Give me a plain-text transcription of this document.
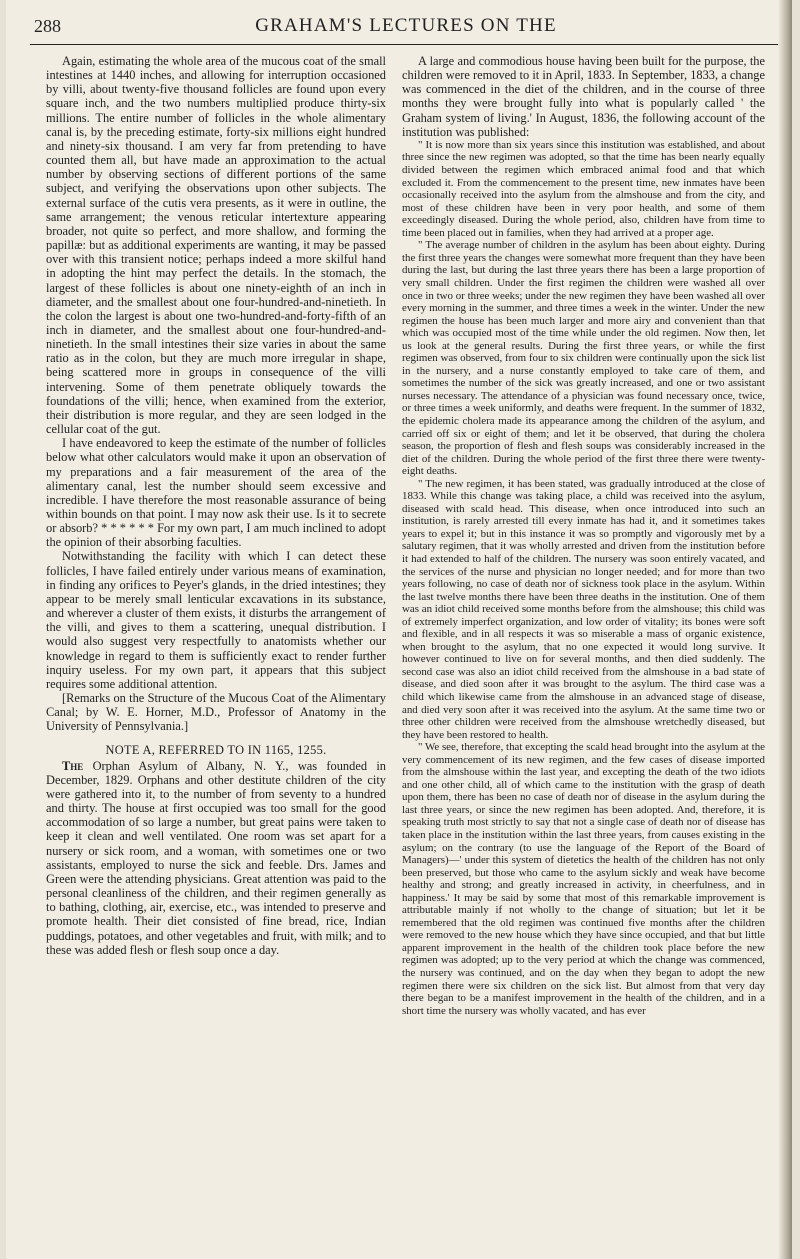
288	GRAHAM'S LECTURES ON THE

Again, estimating the whole area of the mucous coat of the small intestines at 1440 inches, and allowing for interruption occasioned by villi, about twenty-five thousand follicles are found upon every square inch, and the two numbers multiplied produce thirty-six millions. The entire number of follicles in the whole alimentary canal is, by the preceding estimate, forty-six millions eight hundred and ninety-six thousand. I am very far from pretending to have counted them all, but have made an approximation to the actual number by observing sections of different portions of the same subject, and verifying the observations upon other subjects. The external surface of the cutis vera presents, as it were in outline, the same arrangement; the venous reticular intertexture appearing broader, not quite so perfect, and more shallow, and forming the papillæ: but as additional experiments are wanting, it may be passed over with this transient notice; perhaps indeed a more skilful hand in adopting the hint may perfect the details. In the stomach, the largest of these follicles is about one ninety-eighth of an inch in diameter, and the smallest about one four-hundred-and-ninetieth. In the colon the largest is about one two-hundred-and-forty-fifth of an inch in diameter, and the smallest about one four-hundred-and-ninetieth. In the small intestines their size varies in about the same ratio as in the colon, but they are much more irregular in shape, being scattered more in groups in consequence of the villi intervening. Some of them penetrate obliquely towards the foundations of the villi; hence, when examined from the exterior, their distribution is more regular, and they are seen lodged in the cellular coat of the gut.

I have endeavored to keep the estimate of the number of follicles below what other calculators would make it upon an observation of my preparations and a fair measurement of the area of the alimentary canal, lest the number should seem excessive and incredible. I have therefore the most reasonable assurance of being within bounds on that point. I may now ask their use. Is it to secrete or absorb? * * * * * * For my own part, I am much inclined to adopt the opinion of their absorbing faculties.

Notwithstanding the facility with which I can detect these follicles, I have failed entirely under various means of examination, in finding any orifices to Peyer's glands, in the dried intestines; they appear to be merely small lenticular excavations in its substance, and wherever a cluster of them exists, it disturbs the arrangement of the villi, and gives to them a scattering, unequal distribution. I would also suggest very respectfully to anatomists whether our knowledge in regard to them is sufficiently exact to render further inquiry useless. For my own part, it appears that this subject requires some additional attention.

[Remarks on the Structure of the Mucous Coat of the Alimentary Canal; by W. E. Horner, M.D., Professor of Anatomy in the University of Pennsylvania.]

NOTE A, REFERRED TO IN 1165, 1255.

The Orphan Asylum of Albany, N. Y., was founded in December, 1829. Orphans and other destitute children of the city were gathered into it, to the number of from seventy to a hundred and thirty. The house at first occupied was too small for the good accommodation of so large a number, but great pains were taken to keep it clean and well ventilated. One room was set apart for a nursery or sick room, and a woman, with sometimes one or two assistants, employed to nurse the sick and feeble. Drs. James and Green were the attending physicians. Great attention was paid to the personal cleanliness of the children, and their regimen generally as to bathing, clothing, air, exercise, etc., was intended to preserve and promote health. Their diet consisted of fine bread, rice, Indian puddings, potatoes, and other vegetables and fruit, with milk; and to these was added flesh or flesh soup once a day.

A large and commodious house having been built for the purpose, the children were removed to it in April, 1833. In September, 1833, a change was commenced in the diet of the children, and in the course of three months they were brought fully into what is popularly called ' the Graham system of living.' In August, 1836, the following account of the institution was published:

" It is now more than six years since this institution was established, and about three since the new regimen was adopted, so that the time has been nearly equally divided between the regimen which embraced animal food and that which excluded it. From the commencement to the present time, new inmates have been occasionally received into the asylum from the almshouse and from the city, and most of these children have been in very poor health, and some of them exceedingly diseased. During the whole period, also, children have from time to time been placed out in families, when they had arrived at a proper age.

" The average number of children in the asylum has been about eighty. During the first three years the changes were somewhat more frequent than they have been during the last, but during the last three years there has been a large proportion of very small children. Under the first regimen the children were washed all over once in two or three weeks; under the new regimen they have been washed all over every morning in the summer, and three times a week in the winter. Under the new regimen the house has been much larger and more airy and convenient than that which was occupied most of the time while under the old regimen. Now then, let us look at the general results. During the first three years, or while the first regimen was observed, from four to six children were continually upon the sick list in the nursery, and a nurse constantly employed to take care of them, and sometimes the number of the sick was greatly increased, and one or two assistant nurses necessary. The attendance of a physician was found necessary once, twice, or three times a week uniformly, and deaths were frequent. In the summer of 1832, the epidemic cholera made its appearance among the children of the asylum, and carried off six or eight of them; and let it be observed, that during the cholera season, the proportion of flesh and flesh soups was considerably increased in the diet of the children. During the whole period of the first three there were twenty-eight deaths.

" The new regimen, it has been stated, was gradually introduced at the close of 1833. While this change was taking place, a child was received into the asylum, diseased with scald head. This disease, when once introduced into such an institution, is rarely arrested till every inmate has had it, and it sometimes takes years to expel it; but in this instance it was so promptly and vigorously met by a salutary regimen, that it was wholly arrested and driven from the institution before it had extended to half of the children. The nursery was soon entirely vacated, and the services of the nurse and physician no longer needed; and for more than two years following, no case of death nor of sickness took place in the asylum. Within the last twelve months there have been three deaths in the institution. One of them was an idiot child received some months before from the almshouse; this child was of extremely imperfect organization, and low order of vitality; its bones were soft and flexible, and in all respects it was so miserable a mass of organic existence, when brought to the asylum, that no one expected it would long survive. It however continued to live on for several months, and then died suddenly. The second case was also an idiot child received from the almshouse in a bad state of disease, and died soon after it was brought to the asylum. The third case was a child which likewise came from the almshouse in an advanced stage of disease, and died very soon after it was received into the asylum. At the same time two or three other children were received from the almshouse wretchedly diseased, but they have been restored to health.

" We see, therefore, that excepting the scald head brought into the asylum at the very commencement of its new regimen, and the few cases of disease imported from the almshouse within the last year, and excepting the death of the two idiots and one other child, all of which came to the institution with the grasp of death upon them, there has been no case of death nor of disease in the asylum during the last three years, or since the new regimen has been adopted. And, therefore, it is speaking truth most strictly to say that not a single case of death nor of disease has taken place in the institution within the last three years, from causes existing in the asylum; on the contrary (to use the language of the Report of the Board of Managers)—' under this system of dietetics the health of the children has not only been preserved, but those who came to the asylum sickly and weak have become healthy and strong; and greatly increased in activity, in cheerfulness, and in happiness.' It may be said by some that most of this remarkable improvement is attributable mainly if not wholly to the change of situation; but let it be remembered that the old regimen was continued five months after the children were removed to the new house which they have since occupied, and that but little apparent improvement in the health of the children took place before the new regimen was adopted; up to the very period at which the change was commenced, the nursery was continued, and on the day when they began to adopt the new regimen there were six children on the sick list. But almost from that very day there began to be a manifest improvement in the health of the children, and in a short time the nursery was wholly vacated, and has ever
